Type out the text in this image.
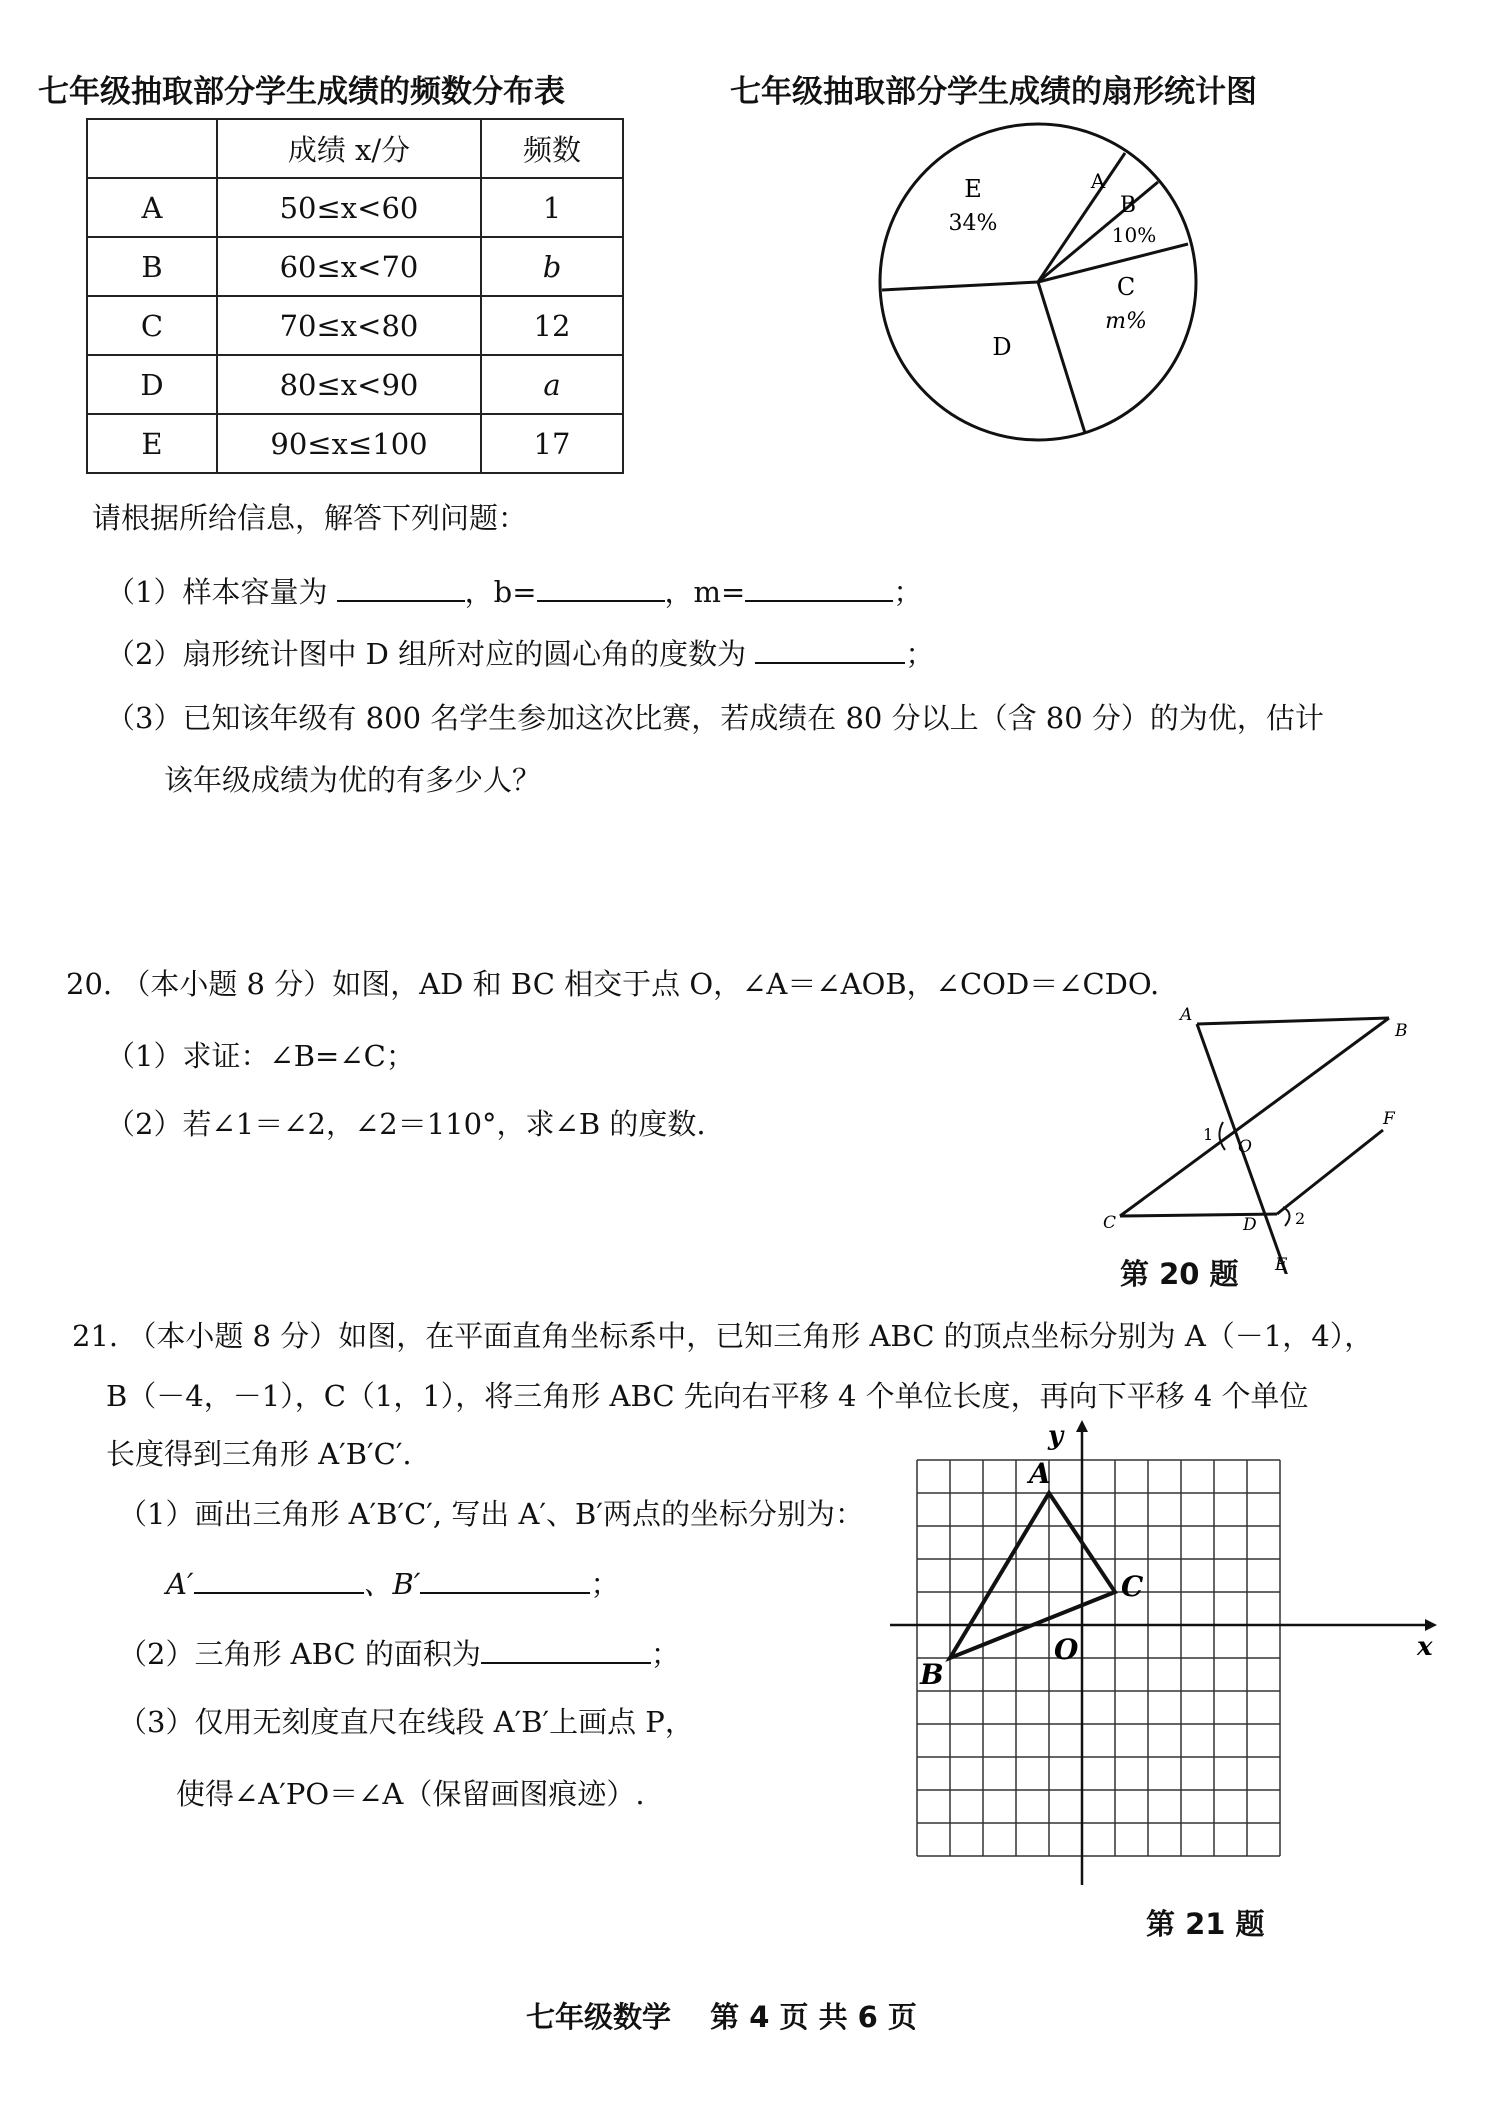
七年级抽取部分学生成绩的频数分布表
	成绩 x/分	频数
A	50≤x<60	1
B	60≤x<70	b
C	70≤x<80	12
D	80≤x<90	a
E	90≤x≤100	17
七年级抽取部分学生成绩的扇形统计图
E
34%
A
B
10%
C
m%
D
请根据所给信息，解答下列问题：
（1）样本容量为	，b=	，m=	；
（2）扇形统计图中 D 组所对应的圆心角的度数为	；
（3）已知该年级有 800 名学生参加这次比赛，若成绩在 80 分以上（含 80 分）的为优，估计
该年级成绩为优的有多少人？
20. （本小题 8 分）如图，AD 和 BC 相交于点 O，∠A＝∠AOB，∠COD＝∠CDO.
（1）求证：∠B=∠C；
（2）若∠1＝∠2，∠2＝110°，求∠B 的度数.
A
B
O
C	D
E
F
1
2
第 20 题
21. （本小题 8 分）如图，在平面直角坐标系中，已知三角形 ABC 的顶点坐标分别为 A（－1，4），
B（－4，－1），C（1，1），将三角形 ABC 先向右平移 4 个单位长度，再向下平移 4 个单位
长度得到三角形 A′B′C′.
（1）画出三角形 A′B′C′, 写出 A′、B′两点的坐标分别为：
A′	、B′	；
（2）三角形 ABC 的面积为	；
（3）仅用无刻度直尺在线段 A′B′上画点 P，
使得∠A′PO＝∠A（保留画图痕迹）.
x
y
O
A
B
C
第 21 题
七年级数学　 第 4 页 共 6 页
